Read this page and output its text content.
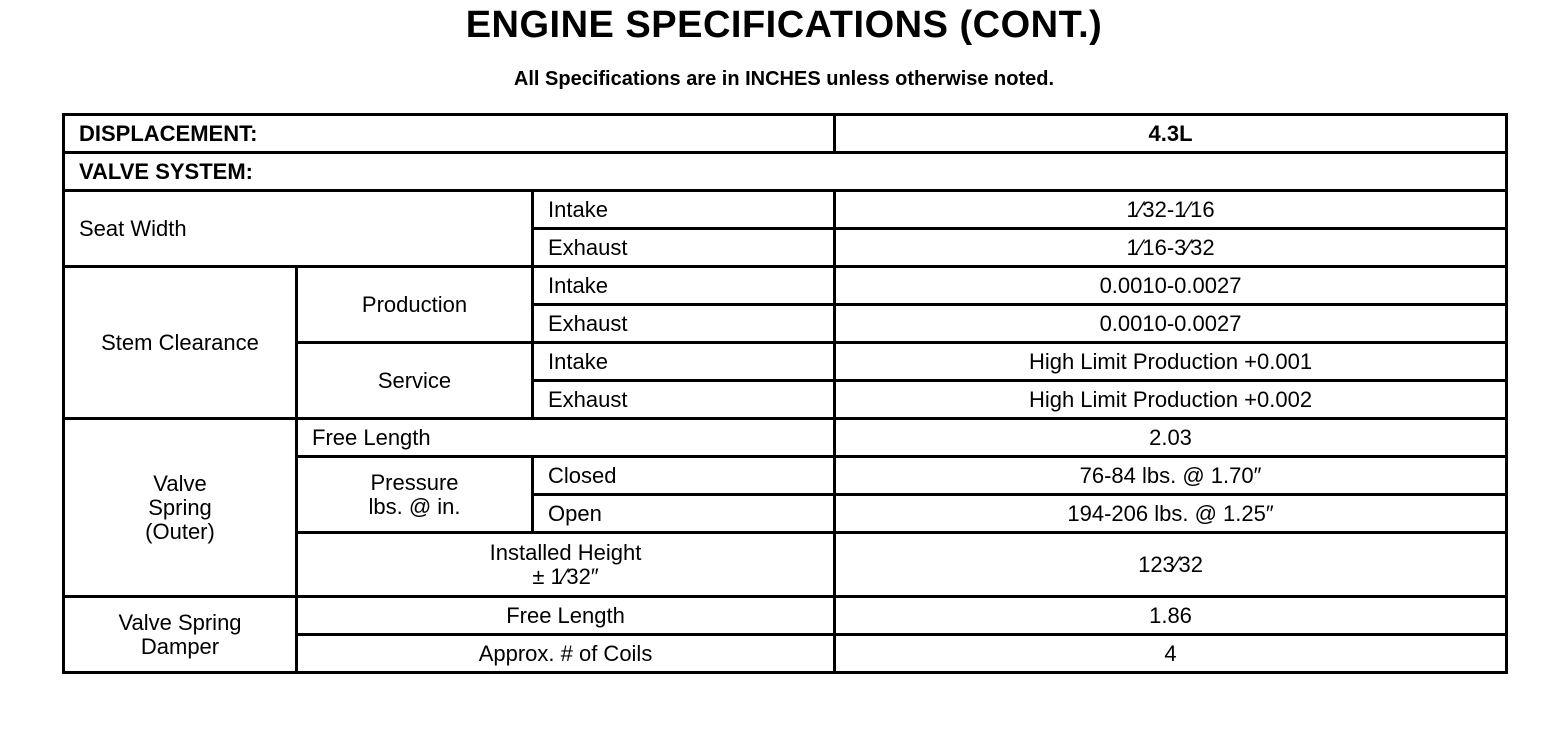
ENGINE SPECIFICATIONS (CONT.)
All Specifications are in INCHES unless otherwise noted.
DISPLACEMENT:			4.3L
VALVE SYSTEM:			
Seat Width		Intake	1⁄32-1⁄16
		Exhaust	1⁄16-3⁄32
Stem Clearance	Production	Intake	0.0010-0.0027
		Exhaust	0.0010-0.0027
	Service	Intake	High Limit Production +0.001
		Exhaust	High Limit Production +0.002

Valve
Spring
(Outer)	Free Length		2.03

	Pressure
lbs. @ in.	Closed	76-84 lbs. @ 1.70″
		Open	194-206 lbs. @ 1.25″

	Installed Height
± 1⁄32″		123⁄32

Valve Spring
Damper	Free Length		1.86
	Approx. # of Coils		4
